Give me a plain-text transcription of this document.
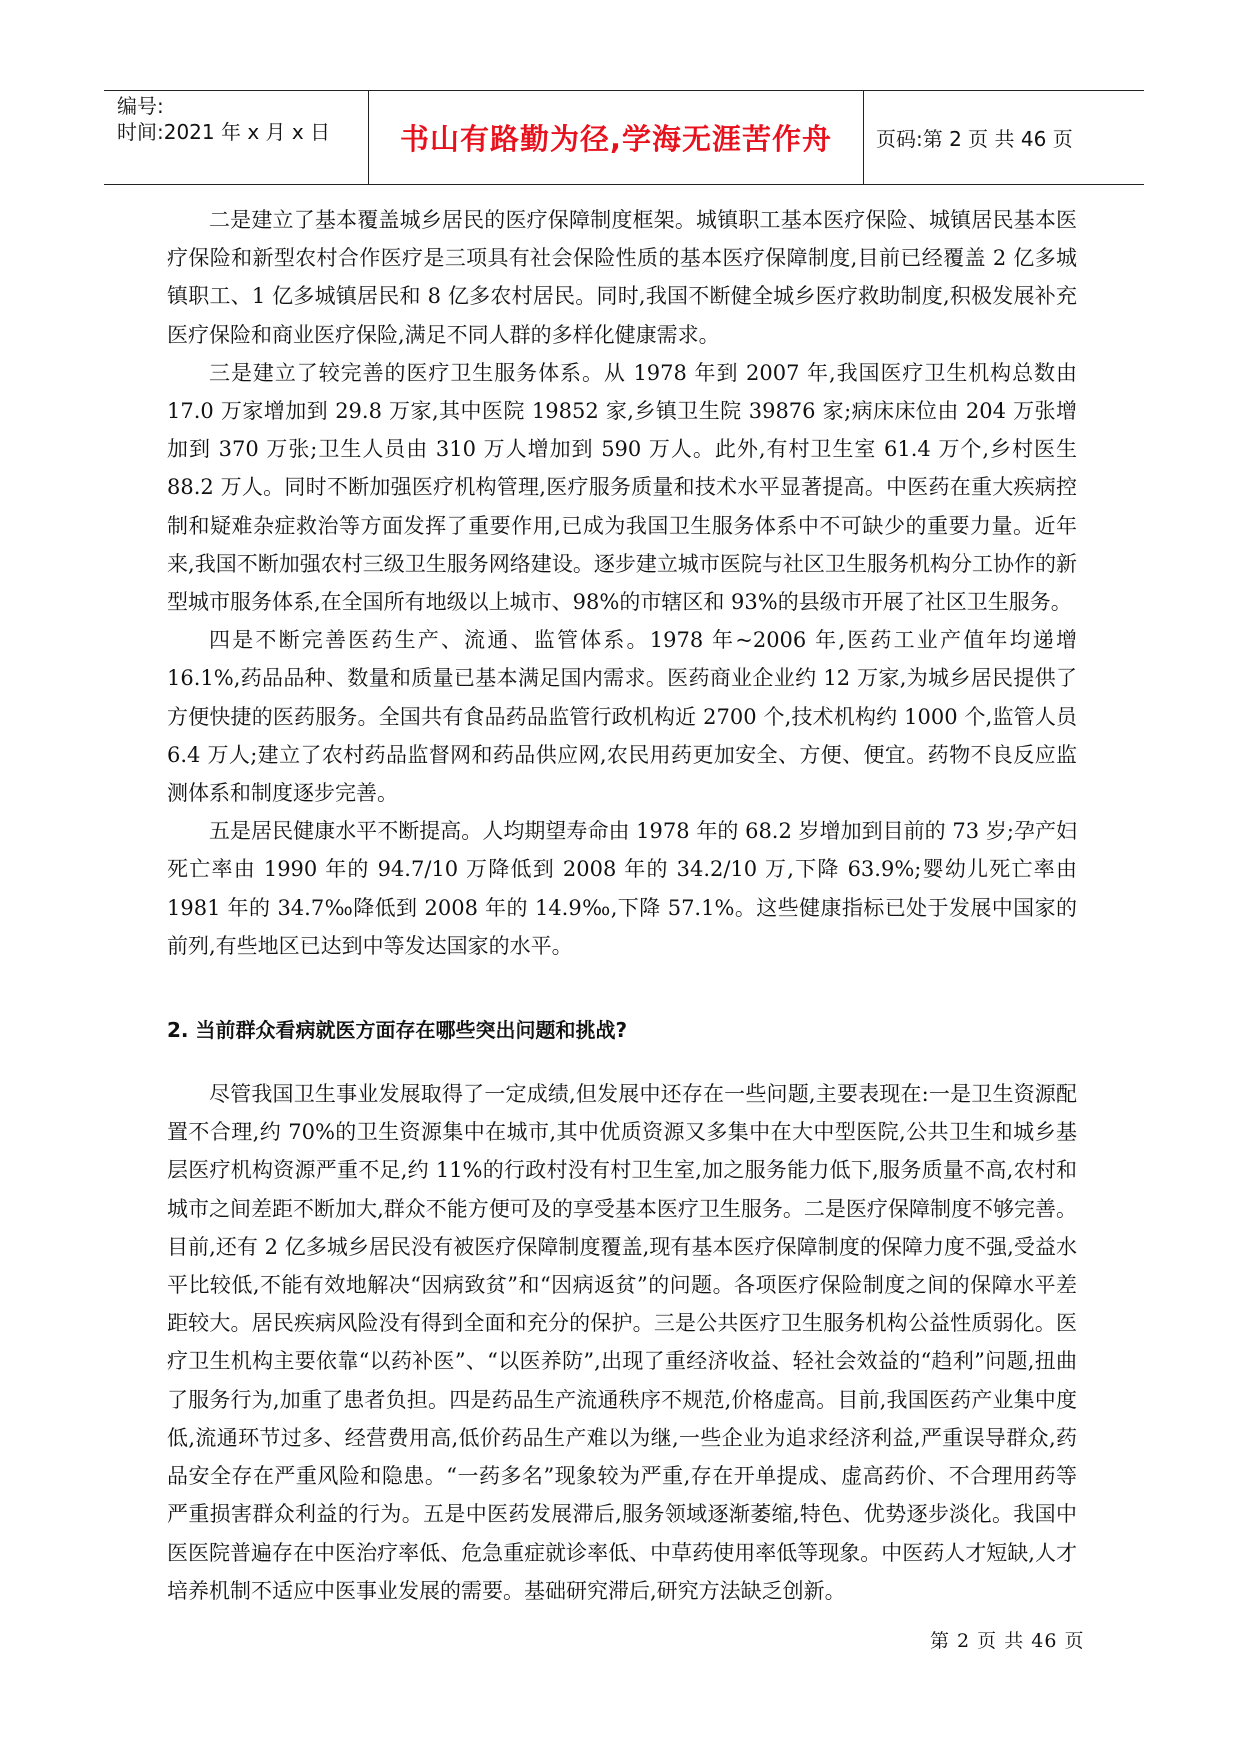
编号:
时间:2021 年 x 月 x 日 书山有路勤为径,学海无涯苦作舟	页码:第 2 页 共 46 页

二是建立了基本覆盖城乡居民的医疗保障制度框架。城镇职工基本医疗保险、城镇居民基本医疗保险和新型农村合作医疗是三项具有社会保险性质的基本医疗保障制度,目前已经覆盖 2 亿多城镇职工、1 亿多城镇居民和 8 亿多农村居民。同时,我国不断健全城乡医疗救助制度,积极发展补充医疗保险和商业医疗保险,满足不同人群的多样化健康需求。

三是建立了较完善的医疗卫生服务体系。从 1978 年到 2007 年,我国医疗卫生机构总数由 17.0 万家增加到 29.8 万家,其中医院 19852 家,乡镇卫生院 39876 家;病床床位由 204 万张增加到 370 万张;卫生人员由 310 万人增加到 590 万人。此外,有村卫生室 61.4 万个,乡村医生 88.2 万人。同时不断加强医疗机构管理,医疗服务质量和技术水平显著提高。中医药在重大疾病控制和疑难杂症救治等方面发挥了重要作用,已成为我国卫生服务体系中不可缺少的重要力量。近年来,我国不断加强农村三级卫生服务网络建设。逐步建立城市医院与社区卫生服务机构分工协作的新型城市服务体系,在全国所有地级以上城市、98%的市辖区和 93%的县级市开展了社区卫生服务。

四是不断完善医药生产、流通、监管体系。1978 年~2006 年,医药工业产值年均递增 16.1%,药品品种、数量和质量已基本满足国内需求。医药商业企业约 12 万家,为城乡居民提供了方便快捷的医药服务。全国共有食品药品监管行政机构近 2700 个,技术机构约 1000 个,监管人员 6.4 万人;建立了农村药品监督网和药品供应网,农民用药更加安全、方便、便宜。药物不良反应监测体系和制度逐步完善。

五是居民健康水平不断提高。人均期望寿命由 1978 年的 68.2 岁增加到目前的 73 岁;孕产妇死亡率由 1990 年的 94.7/10 万降低到 2008 年的 34.2/10 万,下降 63.9%;婴幼儿死亡率由 1981 年的 34.7‰降低到 2008 年的 14.9‰,下降 57.1%。这些健康指标已处于发展中国家的前列,有些地区已达到中等发达国家的水平。

2. 当前群众看病就医方面存在哪些突出问题和挑战?

尽管我国卫生事业发展取得了一定成绩,但发展中还存在一些问题,主要表现在:一是卫生资源配置不合理,约 70%的卫生资源集中在城市,其中优质资源又多集中在大中型医院,公共卫生和城乡基层医疗机构资源严重不足,约 11%的行政村没有村卫生室,加之服务能力低下,服务质量不高,农村和城市之间差距不断加大,群众不能方便可及的享受基本医疗卫生服务。二是医疗保障制度不够完善。目前,还有 2 亿多城乡居民没有被医疗保障制度覆盖,现有基本医疗保障制度的保障力度不强,受益水平比较低,不能有效地解决“因病致贫”和“因病返贫”的问题。各项医疗保险制度之间的保障水平差距较大。居民疾病风险没有得到全面和充分的保护。三是公共医疗卫生服务机构公益性质弱化。医疗卫生机构主要依靠“以药补医”、“以医养防”,出现了重经济收益、轻社会效益的“趋利”问题,扭曲了服务行为,加重了患者负担。四是药品生产流通秩序不规范,价格虚高。目前,我国医药产业集中度低,流通环节过多、经营费用高,低价药品生产难以为继,一些企业为追求经济利益,严重误导群众,药品安全存在严重风险和隐患。“一药多名”现象较为严重,存在开单提成、虚高药价、不合理用药等严重损害群众利益的行为。五是中医药发展滞后,服务领域逐渐萎缩,特色、优势逐步淡化。我国中医医院普遍存在中医治疗率低、危急重症就诊率低、中草药使用率低等现象。中医药人才短缺,人才培养机制不适应中医事业发展的需要。基础研究滞后,研究方法缺乏创新。

第 2 页 共 46 页
